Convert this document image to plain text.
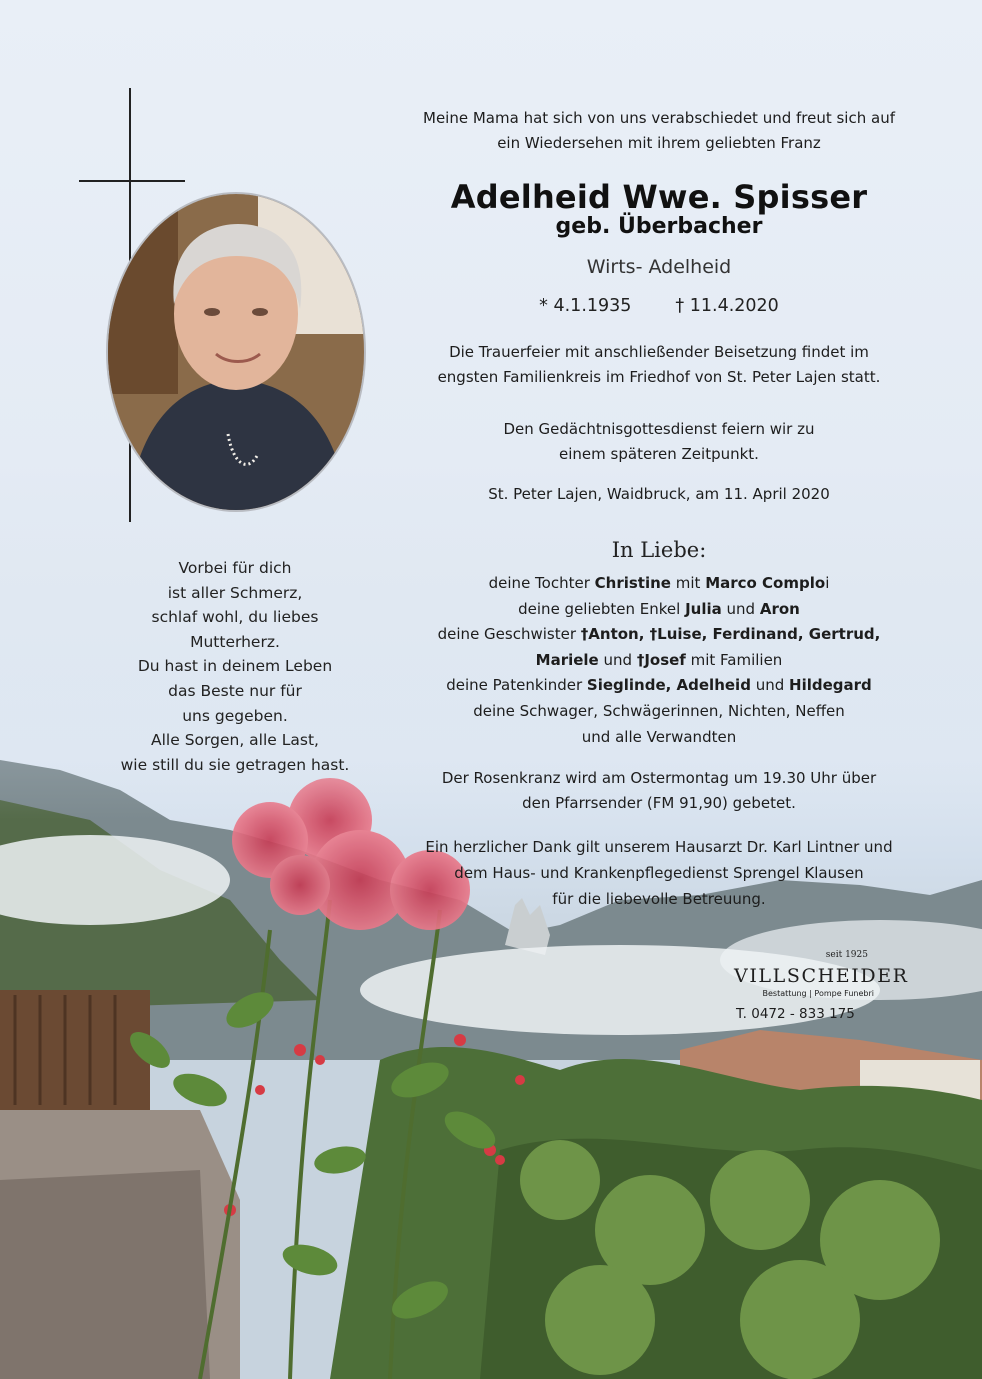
Vorbei für dich
ist aller Schmerz,
schlaf wohl, du liebes
Mutterherz.
Du hast in deinem Leben
das Beste nur für
uns gegeben.
Alle Sorgen, alle Last,
wie still du sie getragen hast.
Meine Mama hat sich von uns verabschiedet und freut sich auf
ein Wiedersehen mit ihrem geliebten Franz
Adelheid Wwe. Spisser
geb. Überbacher
Wirts- Adelheid
* 4.1.1935	† 11.4.2020
Die Trauerfeier mit anschließender Beisetzung findet im
engsten Familienkreis im Friedhof von St. Peter Lajen statt.
Den Gedächtnisgottesdienst feiern wir zu
einem späteren Zeitpunkt.
St. Peter Lajen, Waidbruck, am 11. April 2020
In Liebe:
deine Tochter Christine mit Marco Comploi
deine geliebten Enkel Julia und Aron
deine Geschwister †Anton, †Luise, Ferdinand, Gertrud,
Mariele und †Josef mit Familien
deine Patenkinder Sieglinde, Adelheid und Hildegard
deine Schwager, Schwägerinnen, Nichten, Neffen
und alle Verwandten
Der Rosenkranz wird am Ostermontag um 19.30 Uhr über
den Pfarrsender (FM 91,90) gebetet.
Ein herzlicher Dank gilt unserem Hausarzt Dr. Karl Lintner und
dem Haus- und Krankenpflegedienst Sprengel Klausen
für die liebevolle Betreuung.
seit 1925
VILLSCHEIDER
Bestattung | Pompe Funebri
T. 0472 - 833 175
